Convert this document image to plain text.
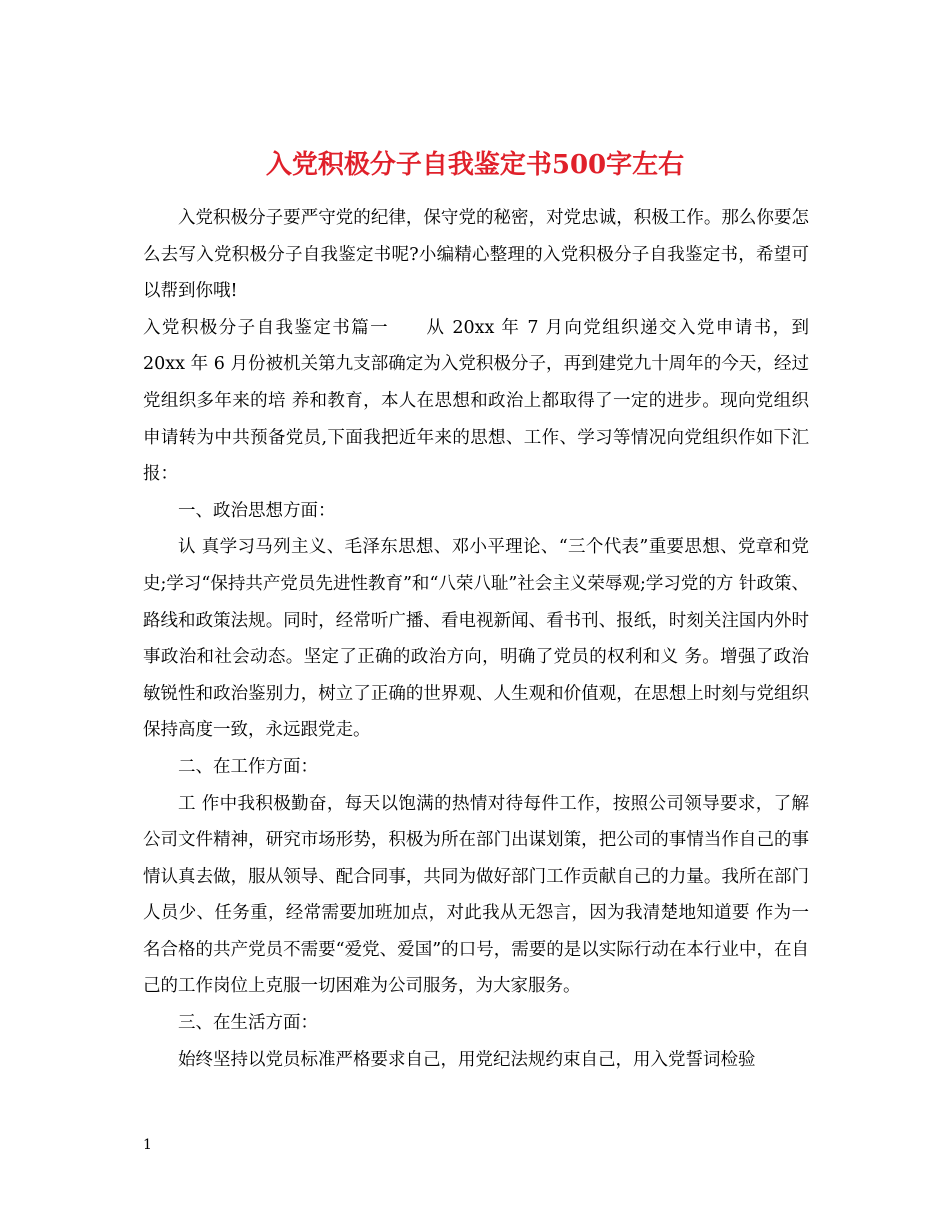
入党积极分子自我鉴定书500字左右

入党积极分子要严守党的纪律，保守党的秘密，对党忠诚，积极工作。那么你要怎么去写入党积极分子自我鉴定书呢?小编精心整理的入党积极分子自我鉴定书，希望可以帮到你哦!

入党积极分子自我鉴定书篇一 从 20xx 年 7 月向党组织递交入党申请书，到 20xx 年 6 月份被机关第九支部确定为入党积极分子，再到建党九十周年的今天，经过党组织多年来的培 养和教育，本人在思想和政治上都取得了一定的进步。现向党组织申请转为中共预备党员,下面我把近年来的思想、工作、学习等情况向党组织作如下汇报：

一、政治思想方面：

认 真学习马列主义、毛泽东思想、邓小平理论、“三个代表”重要思想、党章和党史;学习“保持共产党员先进性教育”和“八荣八耻”社会主义荣辱观;学习党的方 针政策、路线和政策法规。同时，经常听广播、看电视新闻、看书刊、报纸，时刻关注国内外时事政治和社会动态。坚定了正确的政治方向，明确了党员的权利和义 务。增强了政治敏锐性和政治鉴别力，树立了正确的世界观、人生观和价值观，在思想上时刻与党组织保持高度一致，永远跟党走。

二、在工作方面：

工 作中我积极勤奋，每天以饱满的热情对待每件工作，按照公司领导要求，了解公司文件精神，研究市场形势，积极为所在部门出谋划策，把公司的事情当作自己的事 情认真去做，服从领导、配合同事，共同为做好部门工作贡献自己的力量。我所在部门人员少、任务重，经常需要加班加点，对此我从无怨言，因为我清楚地知道要 作为一名合格的共产党员不需要“爱党、爱国”的口号，需要的是以实际行动在本行业中，在自己的工作岗位上克服一切困难为公司服务，为大家服务。

三、在生活方面：

始终坚持以党员标准严格要求自己，用党纪法规约束自己，用入党誓词检验

1
